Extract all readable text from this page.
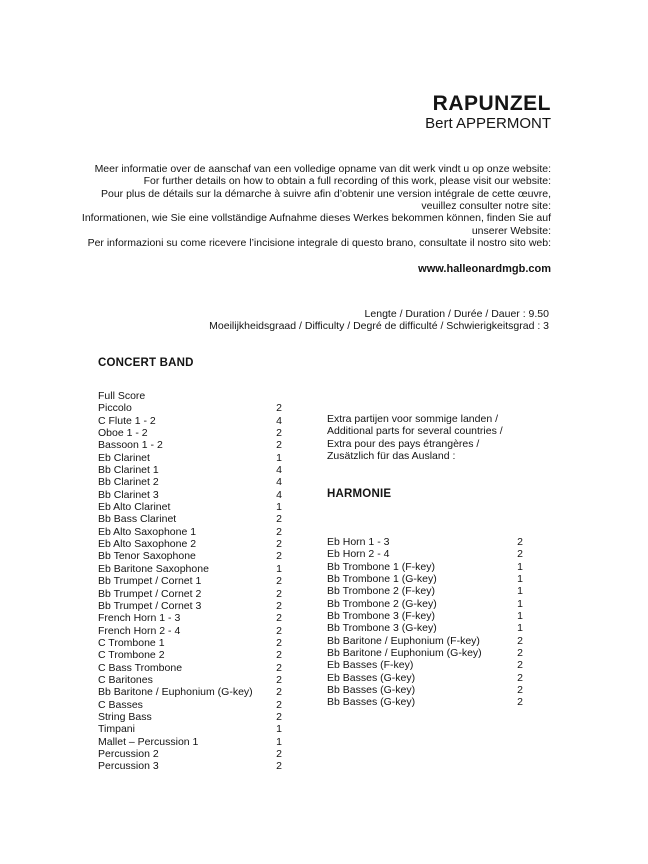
RAPUNZEL
Bert APPERMONT
Meer informatie over de aanschaf van een volledige opname van dit werk vindt u op onze website:
For further details on how to obtain a full recording of this work, please visit our website:
Pour plus de détails sur la démarche à suivre afin d’obtenir une version intégrale de cette œuvre,
veuillez consulter notre site:
Informationen, wie Sie eine vollständige Aufnahme dieses Werkes bekommen können, finden Sie auf
unserer Website:
Per informazioni su come ricevere l’incisione integrale di questo brano, consultate il nostro sito web:
www.halleonardmgb.com
Lengte / Duration / Durée / Dauer : 9.50
Moeilijkheidsgraad / Difficulty / Degré de difficulté / Schwierigkeitsgrad : 3
CONCERT BAND
Full Score
Piccolo	2
C Flute 1 - 2	4
Oboe 1 - 2	2
Bassoon 1 - 2	2
Eb Clarinet	1
Bb Clarinet 1	4
Bb Clarinet 2	4
Bb Clarinet 3	4
Eb Alto Clarinet	1
Bb Bass Clarinet	2
Eb Alto Saxophone 1	2
Eb Alto Saxophone 2	2
Bb Tenor Saxophone	2
Eb Baritone Saxophone	1
Bb Trumpet / Cornet 1	2
Bb Trumpet / Cornet 2	2
Bb Trumpet / Cornet 3	2
French Horn 1 - 3	2
French Horn 2 - 4	2
C Trombone 1	2
C Trombone 2	2
C Bass Trombone	2
C Baritones	2
Bb Baritone / Euphonium (G-key) 2
C Basses	2
String Bass	2
Timpani	1
Mallet – Percussion 1	1
Percussion 2	2
Percussion 3	2
Extra partijen voor sommige landen /
Additional parts for several countries /
Extra pour des pays étrangères /
Zusätzlich für das Ausland :
HARMONIE
Eb Horn 1 - 3	2
Eb Horn 2 - 4	2
Bb Trombone 1 (F-key)	1
Bb Trombone 1 (G-key)	1
Bb Trombone 2 (F-key)	1
Bb Trombone 2 (G-key)	1
Bb Trombone 3 (F-key)	1
Bb Trombone 3 (G-key)	1
Bb Baritone / Euphonium (F-key)	2
Bb Baritone / Euphonium (G-key)	2
Eb Basses (F-key)	2
Eb Basses (G-key)	2
Bb Basses (G-key)	2
Bb Basses (G-key)	2
